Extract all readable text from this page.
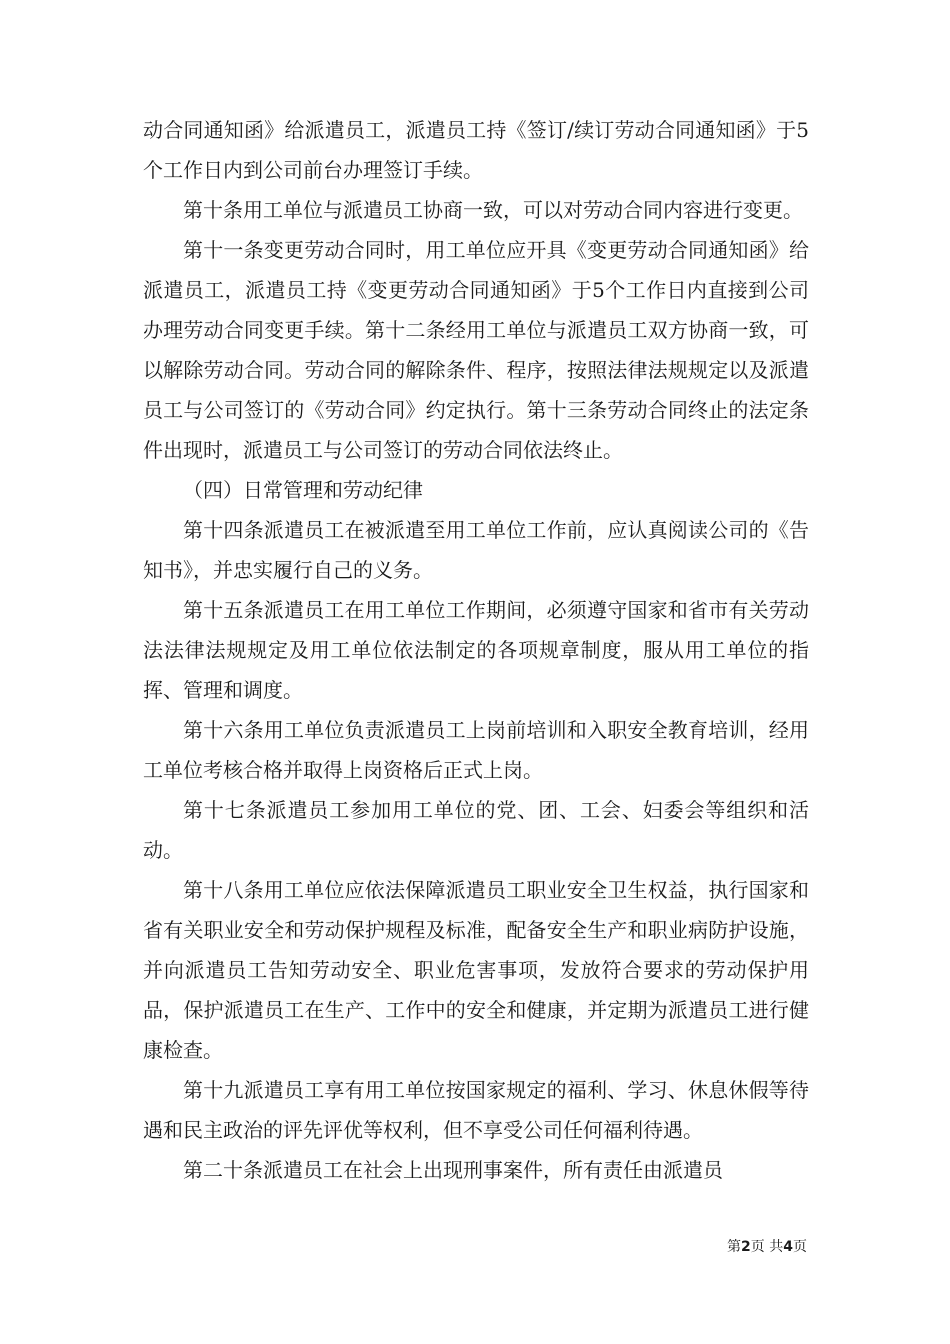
动合同通知函》给派遣员工，派遣员工持《签订/续订劳动合同通知函》于5个工作日内到公司前台办理签订手续。

第十条用工单位与派遣员工协商一致，可以对劳动合同内容进行变更。

第十一条变更劳动合同时，用工单位应开具《变更劳动合同通知函》给派遣员工，派遣员工持《变更劳动合同通知函》于5个工作日内直接到公司办理劳动合同变更手续。第十二条经用工单位与派遣员工双方协商一致，可以解除劳动合同。劳动合同的解除条件、程序，按照法律法规规定以及派遣员工与公司签订的《劳动合同》约定执行。第十三条劳动合同终止的法定条件出现时，派遣员工与公司签订的劳动合同依法终止。

（四）日常管理和劳动纪律

第十四条派遣员工在被派遣至用工单位工作前，应认真阅读公司的《告知书》，并忠实履行自己的义务。

第十五条派遣员工在用工单位工作期间，必须遵守国家和省市有关劳动法法律法规规定及用工单位依法制定的各项规章制度，服从用工单位的指挥、管理和调度。

第十六条用工单位负责派遣员工上岗前培训和入职安全教育培训，经用工单位考核合格并取得上岗资格后正式上岗。

第十七条派遣员工参加用工单位的党、团、工会、妇委会等组织和活动。

第十八条用工单位应依法保障派遣员工职业安全卫生权益，执行国家和省有关职业安全和劳动保护规程及标准，配备安全生产和职业病防护设施，并向派遣员工告知劳动安全、职业危害事项，发放符合要求的劳动保护用品，保护派遣员工在生产、工作中的安全和健康，并定期为派遣员工进行健康检查。

第十九派遣员工享有用工单位按国家规定的福利、学习、休息休假等待遇和民主政治的评先评优等权利，但不享受公司任何福利待遇。

第二十条派遣员工在社会上出现刑事案件，所有责任由派遣员

第2页 共4页
